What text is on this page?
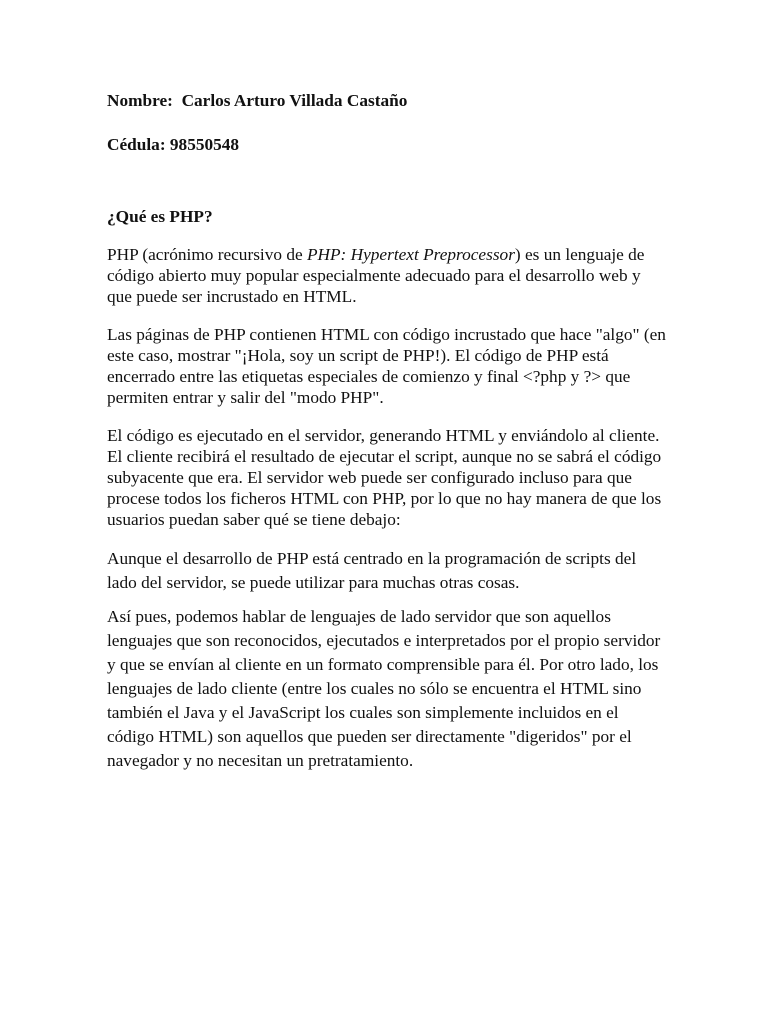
Nombre: Carlos Arturo Villada Castaño

Cédula: 98550548

¿Qué es PHP?

PHP (acrónimo recursivo de PHP: Hypertext Preprocessor) es un lenguaje de código abierto muy popular especialmente adecuado para el desarrollo web y que puede ser incrustado en HTML.

Las páginas de PHP contienen HTML con código incrustado que hace "algo" (en este caso, mostrar "¡Hola, soy un script de PHP!). El código de PHP está encerrado entre las etiquetas especiales de comienzo y final <?php y ?> que permiten entrar y salir del "modo PHP".

El código es ejecutado en el servidor, generando HTML y enviándolo al cliente. El cliente recibirá el resultado de ejecutar el script, aunque no se sabrá el código subyacente que era. El servidor web puede ser configurado incluso para que procese todos los ficheros HTML con PHP, por lo que no hay manera de que los usuarios puedan saber qué se tiene debajo:

Aunque el desarrollo de PHP está centrado en la programación de scripts del lado del servidor, se puede utilizar para muchas otras cosas.

Así pues, podemos hablar de lenguajes de lado servidor que son aquellos lenguajes que son reconocidos, ejecutados e interpretados por el propio servidor y que se envían al cliente en un formato comprensible para él. Por otro lado, los lenguajes de lado cliente (entre los cuales no sólo se encuentra el HTML sino también el Java y el JavaScript los cuales son simplemente incluidos en el código HTML) son aquellos que pueden ser directamente "digeridos" por el navegador y no necesitan un pretratamiento.
